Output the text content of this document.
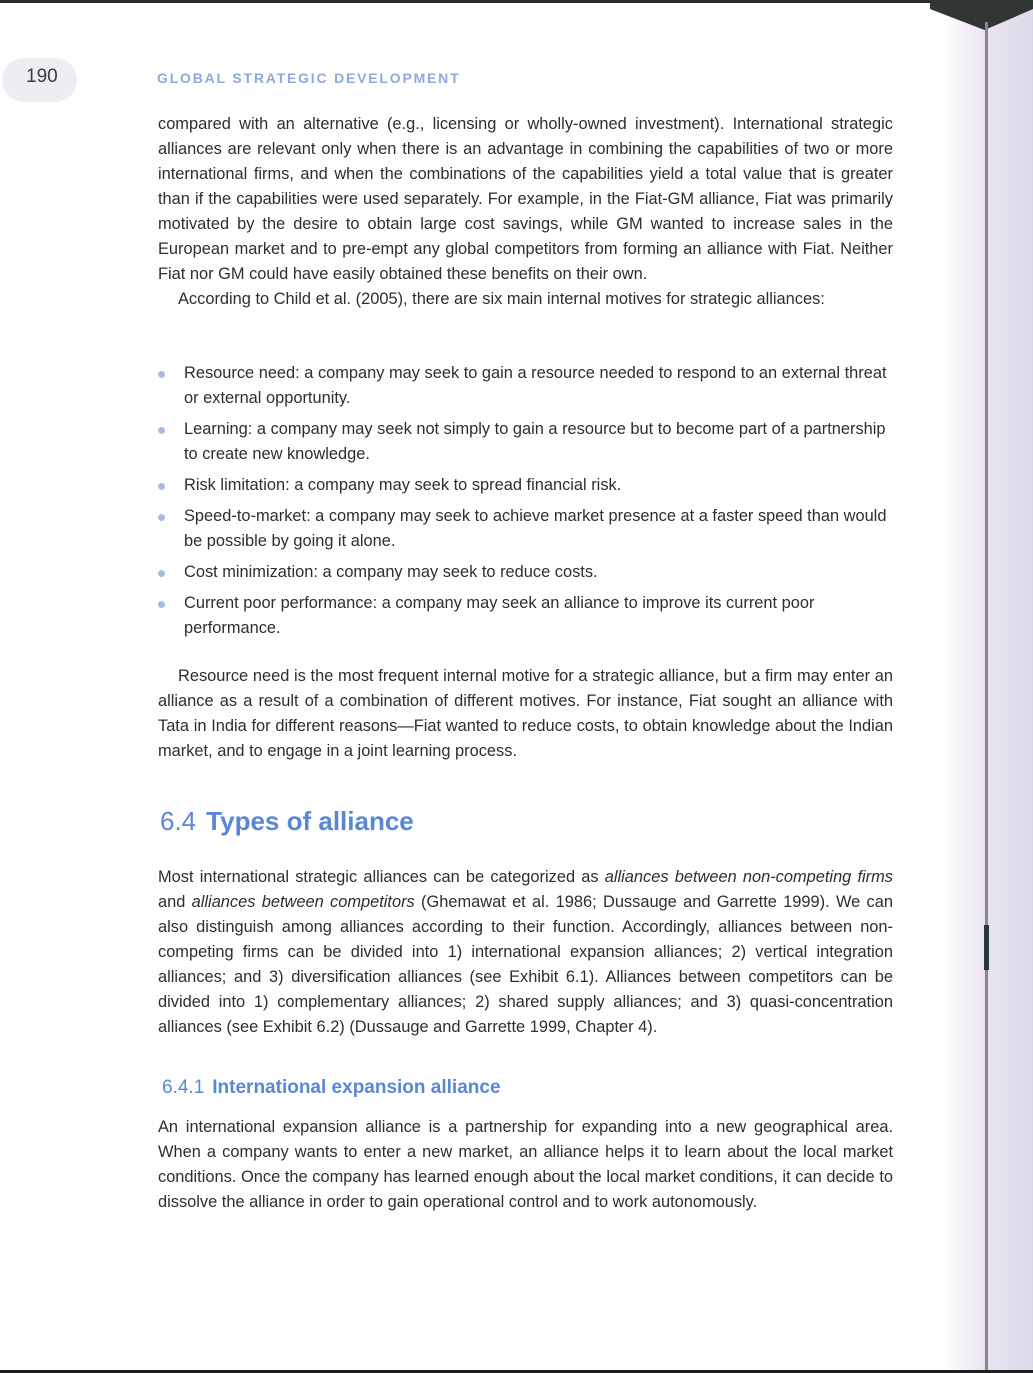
190	GLOBAL STRATEGIC DEVELOPMENT

compared with an alternative (e.g., licensing or wholly-owned investment). International strategic alliances are relevant only when there is an advantage in combining the capabilities of two or more international firms, and when the combinations of the capabilities yield a total value that is greater than if the capabilities were used separately. For example, in the Fiat-GM alliance, Fiat was primarily motivated by the desire to obtain large cost savings, while GM wanted to increase sales in the European market and to pre-empt any global competitors from forming an alliance with Fiat. Neither Fiat nor GM could have easily obtained these benefits on their own.

According to Child et al. (2005), there are six main internal motives for strategic alliances:

Resource need: a company may seek to gain a resource needed to respond to an external threat or external opportunity.
Learning: a company may seek not simply to gain a resource but to become part of a partnership to create new knowledge.
Risk limitation: a company may seek to spread financial risk.
Speed-to-market: a company may seek to achieve market presence at a faster speed than would be possible by going it alone.
Cost minimization: a company may seek to reduce costs.
Current poor performance: a company may seek an alliance to improve its current poor performance.

Resource need is the most frequent internal motive for a strategic alliance, but a firm may enter an alliance as a result of a combination of different motives. For instance, Fiat sought an alliance with Tata in India for different reasons—Fiat wanted to reduce costs, to obtain knowledge about the Indian market, and to engage in a joint learning process.

6.4 Types of alliance

Most international strategic alliances can be categorized as alliances between non-competing firms and alliances between competitors (Ghemawat et al. 1986; Dussauge and Garrette 1999). We can also distinguish among alliances according to their function. Accordingly, alliances between non-competing firms can be divided into 1) international expansion alliances; 2) vertical integration alliances; and 3) diversification alliances (see Exhibit 6.1). Alliances between competitors can be divided into 1) complementary alliances; 2) shared supply alliances; and 3) quasi-concentration alliances (see Exhibit 6.2) (Dussauge and Garrette 1999, Chapter 4).

6.4.1 International expansion alliance

An international expansion alliance is a partnership for expanding into a new geographical area. When a company wants to enter a new market, an alliance helps it to learn about the local market conditions. Once the company has learned enough about the local market conditions, it can decide to dissolve the alliance in order to gain operational control and to work autonomously.
